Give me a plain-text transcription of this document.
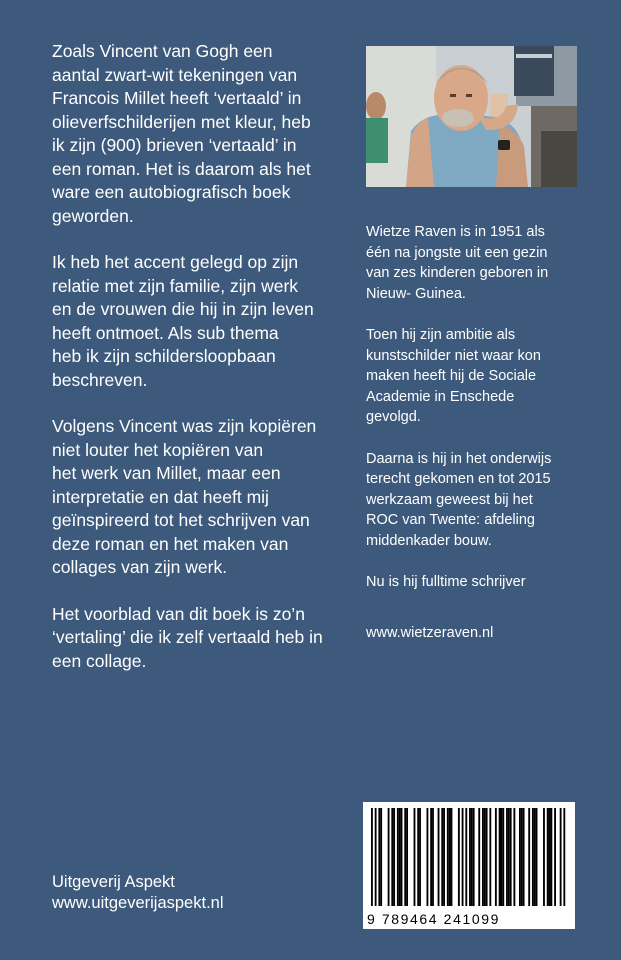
Zoals Vincent van Gogh een
aantal zwart-wit tekeningen van
Francois Millet heeft ‘vertaald’ in
olieverfschilderijen met kleur, heb
ik zijn (900) brieven ‘vertaald’ in
een roman. Het is daarom als het
ware een autobiografisch boek
geworden.

Ik heb het accent gelegd op zijn
relatie met zijn familie, zijn werk
en de vrouwen die hij in zijn leven
heeft ontmoet. Als sub thema
heb ik zijn schildersloopbaan
beschreven.

Volgens Vincent was zijn kopiëren
niet louter het kopiëren van
het werk van Millet, maar een
interpretatie en dat heeft mij
geïnspireerd tot het schrijven van
deze roman en het maken van
collages van zijn werk.

Het voorblad van dit boek is zo’n
‘vertaling’ die ik zelf vertaald heb in
een collage.

Wietze Raven is in 1951 als
één na jongste uit een gezin
van zes kinderen geboren in
Nieuw- Guinea.

Toen hij zijn ambitie als
kunstschilder niet waar kon
maken heeft hij de Sociale
Academie in Enschede
gevolgd.

Daarna is hij in het onderwijs
terecht gekomen en tot 2015
werkzaam geweest bij het
ROC van Twente: afdeling
middenkader bouw.

Nu is hij fulltime schrijver

www.wietzeraven.nl

Uitgeverij Aspekt
www.uitgeverijaspekt.nl
9 789464 241099
